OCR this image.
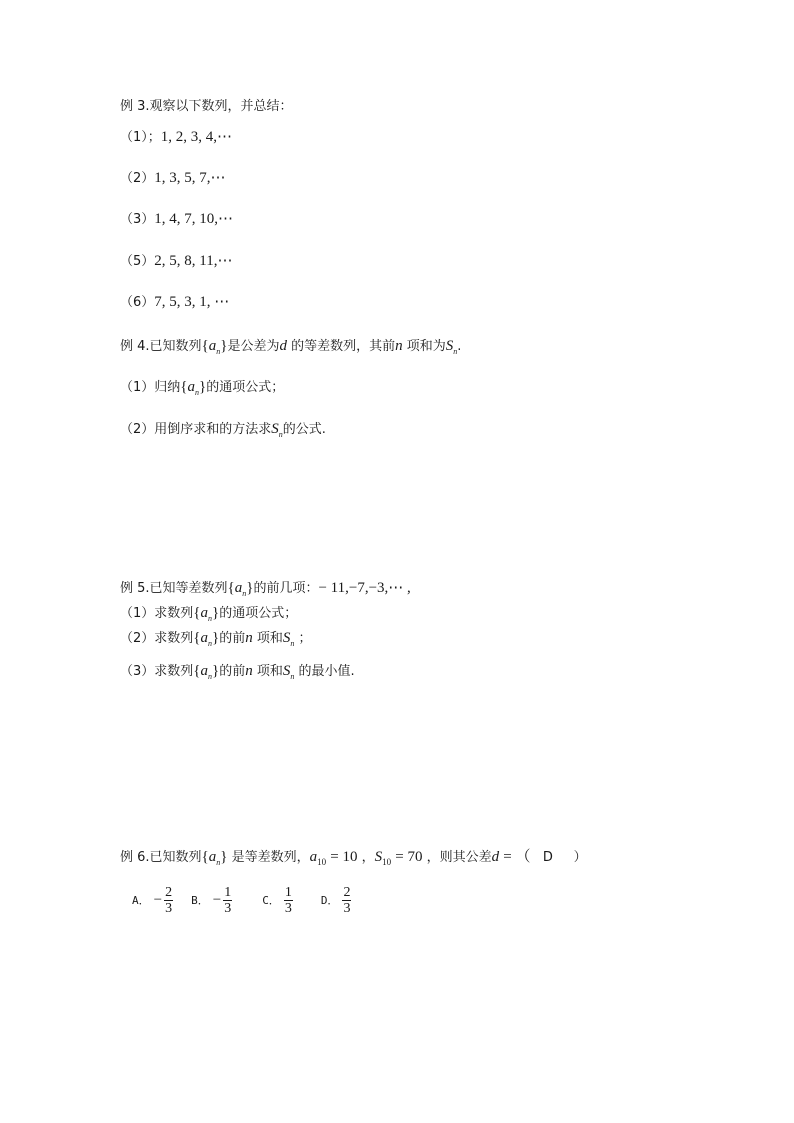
例 3.观察以下数列，并总结：
（1）；1, 2, 3, 4,⋯
（2）1, 3, 5, 7,⋯
（3）1, 4, 7, 10,⋯
（5）2, 5, 8, 11,⋯
（6）7, 5, 3, 1, ⋯
例 4.已知数列$\{a_n\}$是公差为d 的等差数列，其前n 项和为$S_n$.
（1）归纳$\{a_n\}$的通项公式；
（2）用倒序求和的方法求$S_n$的公式.
例 5.已知等差数列$\{a_n\}$的前几项：− 11,−7,−3,⋯ ,
（1）求数列$\{a_n\}$的通项公式；
（2）求数列$\{a_n\}$的前n 项和$S_n$ ；
（3）求数列$\{a_n\}$的前n 项和$S_n$ 的最小值.
例 6.已知数列$\{a_n\}$ 是等差数列，$a_{10} = 10$ ，$S_{10} = 70$ ，则其公差d = （ D ）
A． − $\frac{2}{3}$ B． − $\frac{1}{3}$	C． $\frac{1}{3}$	D． $\frac{2}{3}$
